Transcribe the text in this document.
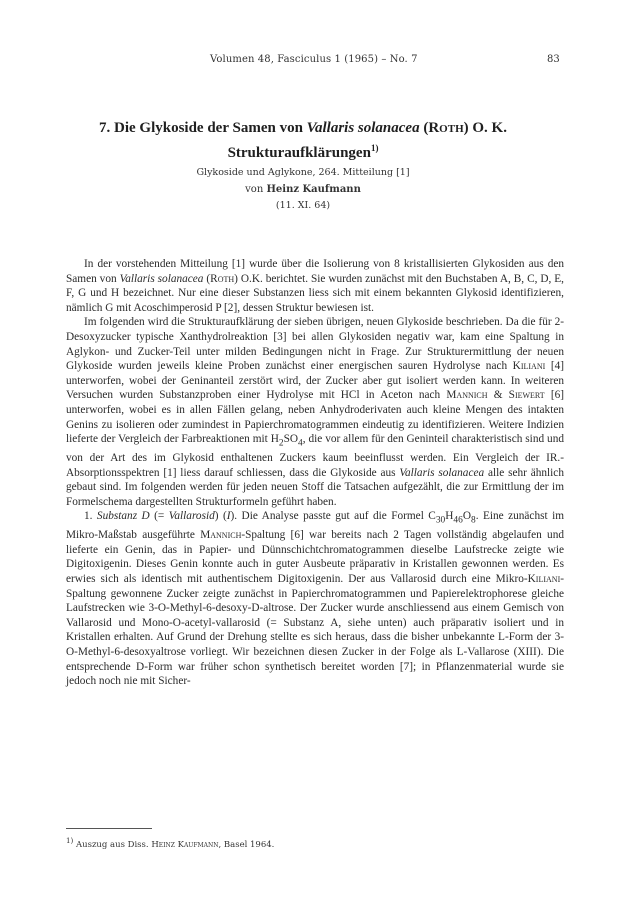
Volumen 48, Fasciculus 1 (1965) – No. 7	83
7. Die Glykoside der Samen von Vallaris solanacea (Roth) O. K.
Strukturaufklärungen$^{1)}$
Glykoside und Aglykone, 264. Mitteilung [1]
von Heinz Kaufmann
(11. XI. 64)

In der vorstehenden Mitteilung [1] wurde über die Isolierung von 8 kristallisierten Glykosiden aus den Samen von Vallaris solanacea (Roth) O.K. berichtet. Sie wurden zunächst mit den Buchstaben A, B, C, D, E, F, G und H bezeichnet. Nur eine dieser Substanzen liess sich mit einem bekannten Glykosid identifizieren, nämlich G mit Acoschimperosid P [2], dessen Struktur bewiesen ist.

Im folgenden wird die Strukturaufklärung der sieben übrigen, neuen Glykoside beschrieben. Da die für 2-Desoxyzucker typische Xanthydrolreaktion [3] bei allen Glykosiden negativ war, kam eine Spaltung in Aglykon- und Zucker-Teil unter milden Bedingungen nicht in Frage. Zur Strukturermittlung der neuen Glykoside wurden jeweils kleine Proben zunächst einer energischen sauren Hydrolyse nach Kiliani [4] unterworfen, wobei der Geninanteil zerstört wird, der Zucker aber gut isoliert werden kann. In weiteren Versuchen wurden Substanzproben einer Hydrolyse mit HCl in Aceton nach Mannich & Siewert [6] unterworfen, wobei es in allen Fällen gelang, neben Anhydroderivaten auch kleine Mengen des intakten Genins zu isolieren oder zumindest in Papierchromatogrammen eindeutig zu identifizieren. Weitere Indizien lieferte der Vergleich der Farbreaktionen mit $H_2SO_4$, die vor allem für den Geninteil charakteristisch sind und von der Art des im Glykosid enthaltenen Zuckers kaum beeinflusst werden. Ein Vergleich der IR.-Absorptionsspektren [1] liess darauf schliessen, dass die Glykoside aus Vallaris solanacea alle sehr ähnlich gebaut sind. Im folgenden werden für jeden neuen Stoff die Tatsachen aufgezählt, die zur Ermittlung der im Formelschema dargestellten Strukturformeln geführt haben.

1. Substanz D (= Vallarosid) (I). Die Analyse passte gut auf die Formel $C_{30}H_{46}O_8$. Eine zunächst im Mikro-Maßstab ausgeführte Mannich-Spaltung [6] war bereits nach 2 Tagen vollständig abgelaufen und lieferte ein Genin, das in Papier- und Dünnschichtchromatogrammen dieselbe Laufstrecke zeigte wie Digitoxigenin. Dieses Genin konnte auch in guter Ausbeute präparativ in Kristallen gewonnen werden. Es erwies sich als identisch mit authentischem Digitoxigenin. Der aus Vallarosid durch eine Mikro-Kiliani-Spaltung gewonnene Zucker zeigte zunächst in Papierchromatogrammen und Papierelektrophorese gleiche Laufstrecken wie 3-O-Methyl-6-desoxy-D-altrose. Der Zucker wurde anschliessend aus einem Gemisch von Vallarosid und Mono-O-acetyl-vallarosid (= Substanz A, siehe unten) auch präparativ isoliert und in Kristallen erhalten. Auf Grund der Drehung stellte es sich heraus, dass die bisher unbekannte L-Form der 3-O-Methyl-6-desoxyaltrose vorliegt. Wir bezeichnen diesen Zucker in der Folge als L-Vallarose (XIII). Die entsprechende D-Form war früher schon synthetisch bereitet worden [7]; in Pflanzenmaterial wurde sie jedoch noch nie mit Sicher-

$^{1)}$ Auszug aus Diss. Heinz Kaufmann, Basel 1964.
